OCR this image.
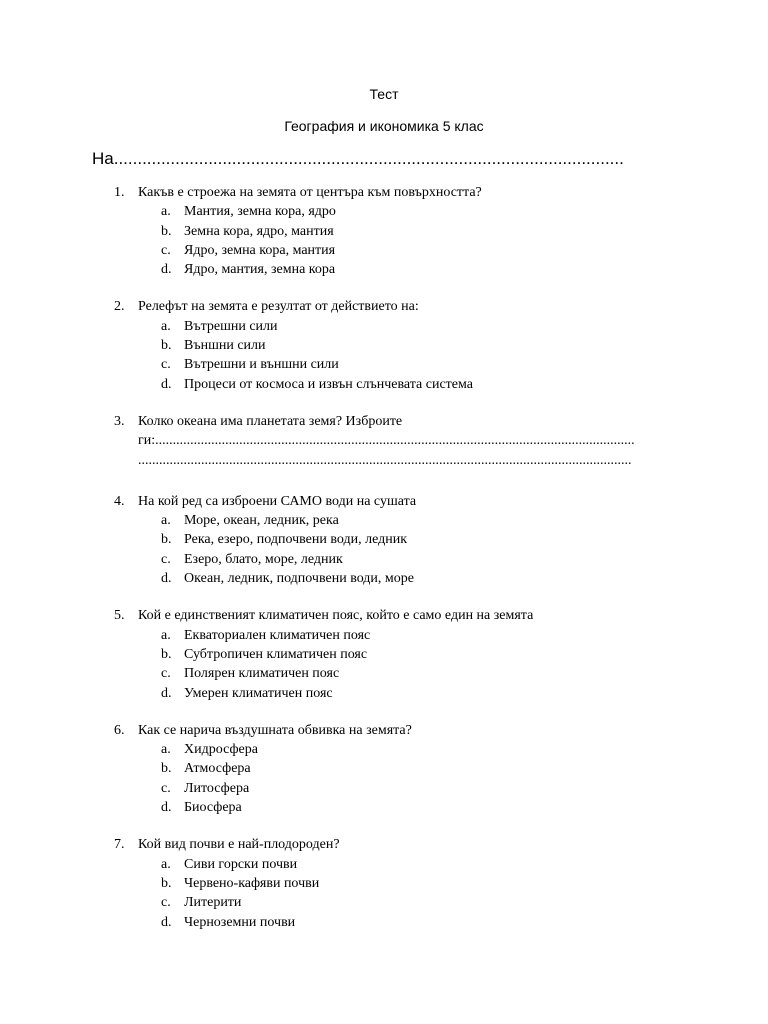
Тест
География и икономика 5 клас
На............................................................................................................
1. Какъв е строежа на земята от центъра към повърхността?
a. Мантия, земна кора, ядро
b. Земна кора, ядро, мантия
c. Ядро, земна кора, мантия
d. Ядро, мантия, земна кора
2. Релефът на земята е резултат от действието на:
a. Вътрешни сили
b. Външни сили
c. Вътрешни и външни сили
d. Процеси от космоса и извън слънчевата система
3. Колко океана има планетата земя? Изброите
ги:.........................................................................................................................................
.............................................................................................................................................
4. На кой ред са изброени САМО води на сушата
a. Море, океан, ледник, река
b. Река, езеро, подпочвени води, ледник
c. Езеро, блато, море, ледник
d. Океан, ледник, подпочвени води, море
5. Кой е единственият климатичен пояс, който е само един на земята
a. Екваториален климатичен пояс
b. Субтропичен климатичен пояс
c. Полярен климатичен пояс
d. Умерен климатичен пояс
6. Как се нарича въздушната обвивка на земята?
a. Хидросфера
b. Атмосфера
c. Литосфера
d. Биосфера
7. Кой вид почви е най-плодороден?
a. Сиви горски почви
b. Червено-кафяви почви
c. Литерити
d. Черноземни почви
